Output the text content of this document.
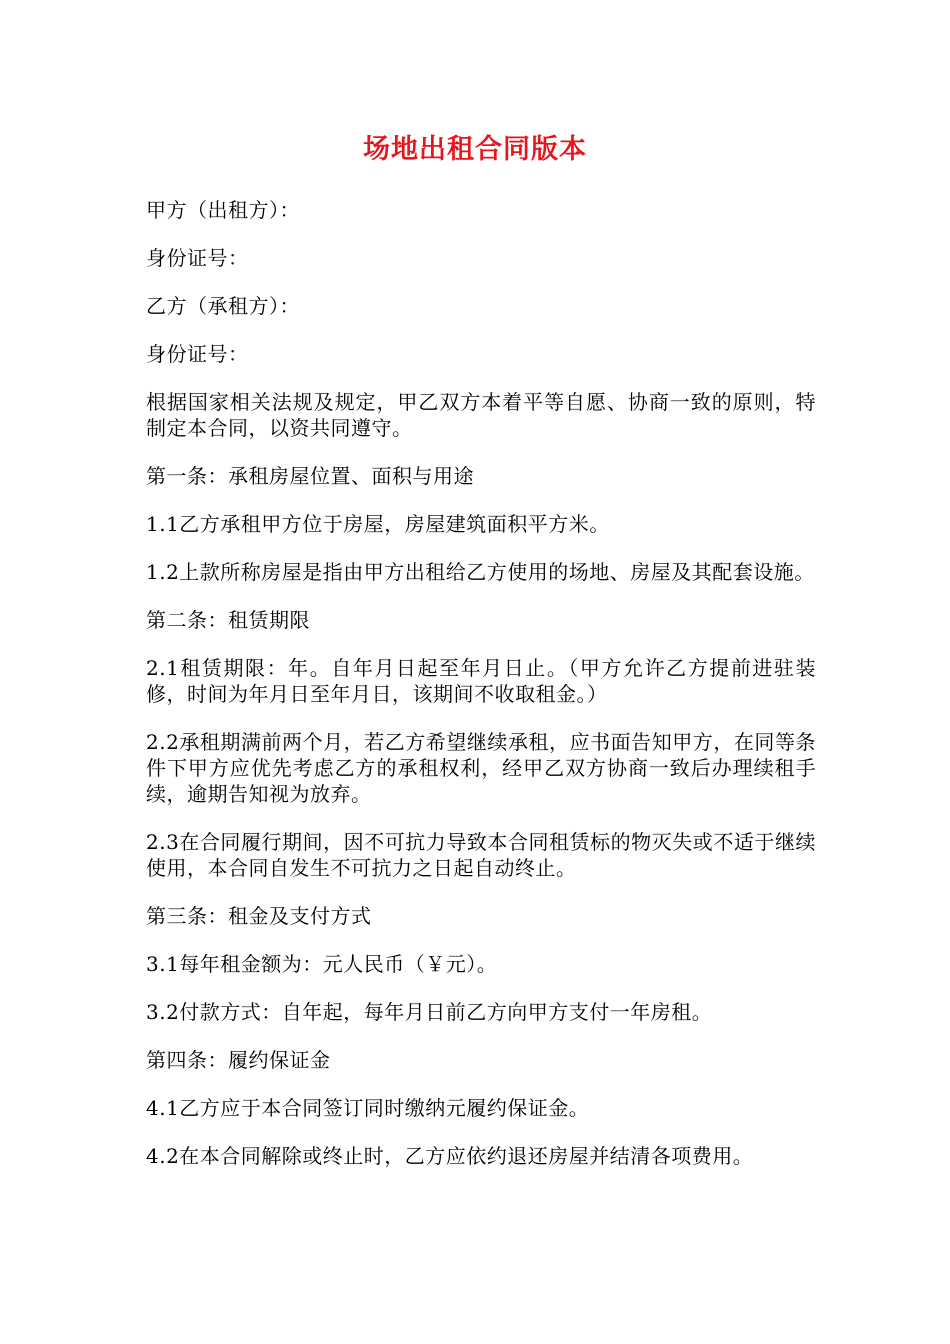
场地出租合同版本

甲方（出租方）：

身份证号：

乙方（承租方）：

身份证号：

根据国家相关法规及规定，甲乙双方本着平等自愿、协商一致的原则，特制定本合同，以资共同遵守。

第一条：承租房屋位置、面积与用途

1.1乙方承租甲方位于房屋，房屋建筑面积平方米。

1.2上款所称房屋是指由甲方出租给乙方使用的场地、房屋及其配套设施。

第二条：租赁期限

2.1租赁期限：年。自年月日起至年月日止。（甲方允许乙方提前进驻装修，时间为年月日至年月日，该期间不收取租金。）

2.2承租期满前两个月，若乙方希望继续承租，应书面告知甲方，在同等条件下甲方应优先考虑乙方的承租权利，经甲乙双方协商一致后办理续租手续，逾期告知视为放弃。

2.3在合同履行期间，因不可抗力导致本合同租赁标的物灭失或不适于继续使用，本合同自发生不可抗力之日起自动终止。

第三条：租金及支付方式

3.1每年租金额为：元人民币（￥元）。

3.2付款方式：自年起，每年月日前乙方向甲方支付一年房租。

第四条：履约保证金

4.1乙方应于本合同签订同时缴纳元履约保证金。

4.2在本合同解除或终止时，乙方应依约退还房屋并结清各项费用。
